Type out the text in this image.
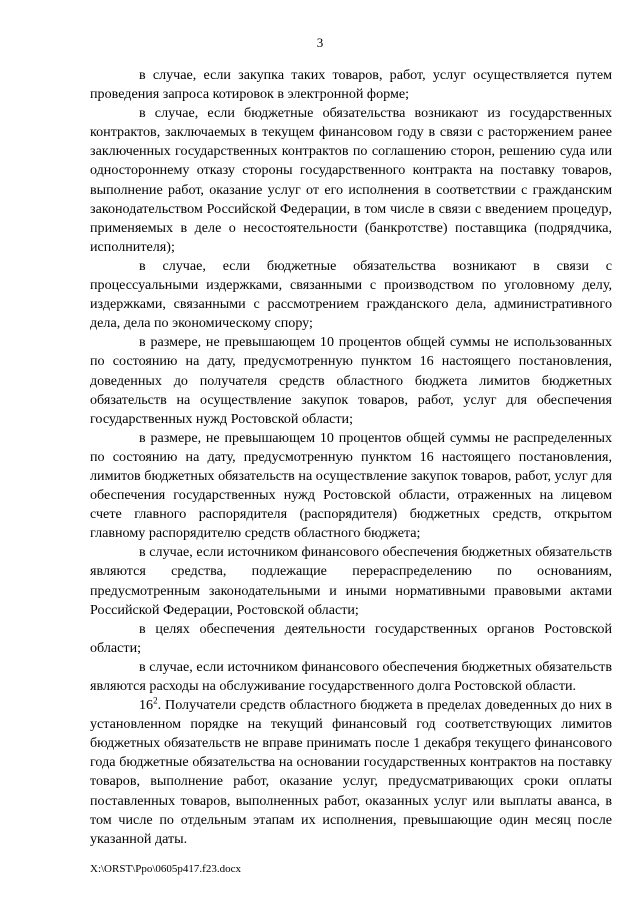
3

в случае, если закупка таких товаров, работ, услуг осуществляется путем проведения запроса котировок в электронной форме;

в случае, если бюджетные обязательства возникают из государственных контрактов, заключаемых в текущем финансовом году в связи с расторжением ранее заключенных государственных контрактов по соглашению сторон, решению суда или одностороннему отказу стороны государственного контракта на поставку товаров, выполнение работ, оказание услуг от его исполнения в соответствии с гражданским законодательством Российской Федерации, в том числе в связи с введением процедур, применяемых в деле о несостоятельности (банкротстве) поставщика (подрядчика, исполнителя);

в случае, если бюджетные обязательства возникают в связи с процессуальными издержками, связанными с производством по уголовному делу, издержками, связанными с рассмотрением гражданского дела, административного дела, дела по экономическому спору;

в размере, не превышающем 10 процентов общей суммы не использованных по состоянию на дату, предусмотренную пунктом 16 настоящего постановления, доведенных до получателя средств областного бюджета лимитов бюджетных обязательств на осуществление закупок товаров, работ, услуг для обеспечения государственных нужд Ростовской области;

в размере, не превышающем 10 процентов общей суммы не распределенных по состоянию на дату, предусмотренную пунктом 16 настоящего постановления, лимитов бюджетных обязательств на осуществление закупок товаров, работ, услуг для обеспечения государственных нужд Ростовской области, отраженных на лицевом счете главного распорядителя (распорядителя) бюджетных средств, открытом главному распорядителю средств областного бюджета;

в случае, если источником финансового обеспечения бюджетных обязательств являются средства, подлежащие перераспределению по основаниям, предусмотренным законодательными и иными нормативными правовыми актами Российской Федерации, Ростовской области;

в целях обеспечения деятельности государственных органов Ростовской области;

в случае, если источником финансового обеспечения бюджетных обязательств являются расходы на обслуживание государственного долга Ростовской области.

$16^2$. Получатели средств областного бюджета в пределах доведенных до них в установленном порядке на текущий финансовый год соответствующих лимитов бюджетных обязательств не вправе принимать после 1 декабря текущего финансового года бюджетные обязательства на основании государственных контрактов на поставку товаров, выполнение работ, оказание услуг, предусматривающих сроки оплаты поставленных товаров, выполненных работ, оказанных услуг или выплаты аванса, в том числе по отдельным этапам их исполнения, превышающие один месяц после указанной даты.

X:\ORST\Ppo\0605p417.f23.docx
